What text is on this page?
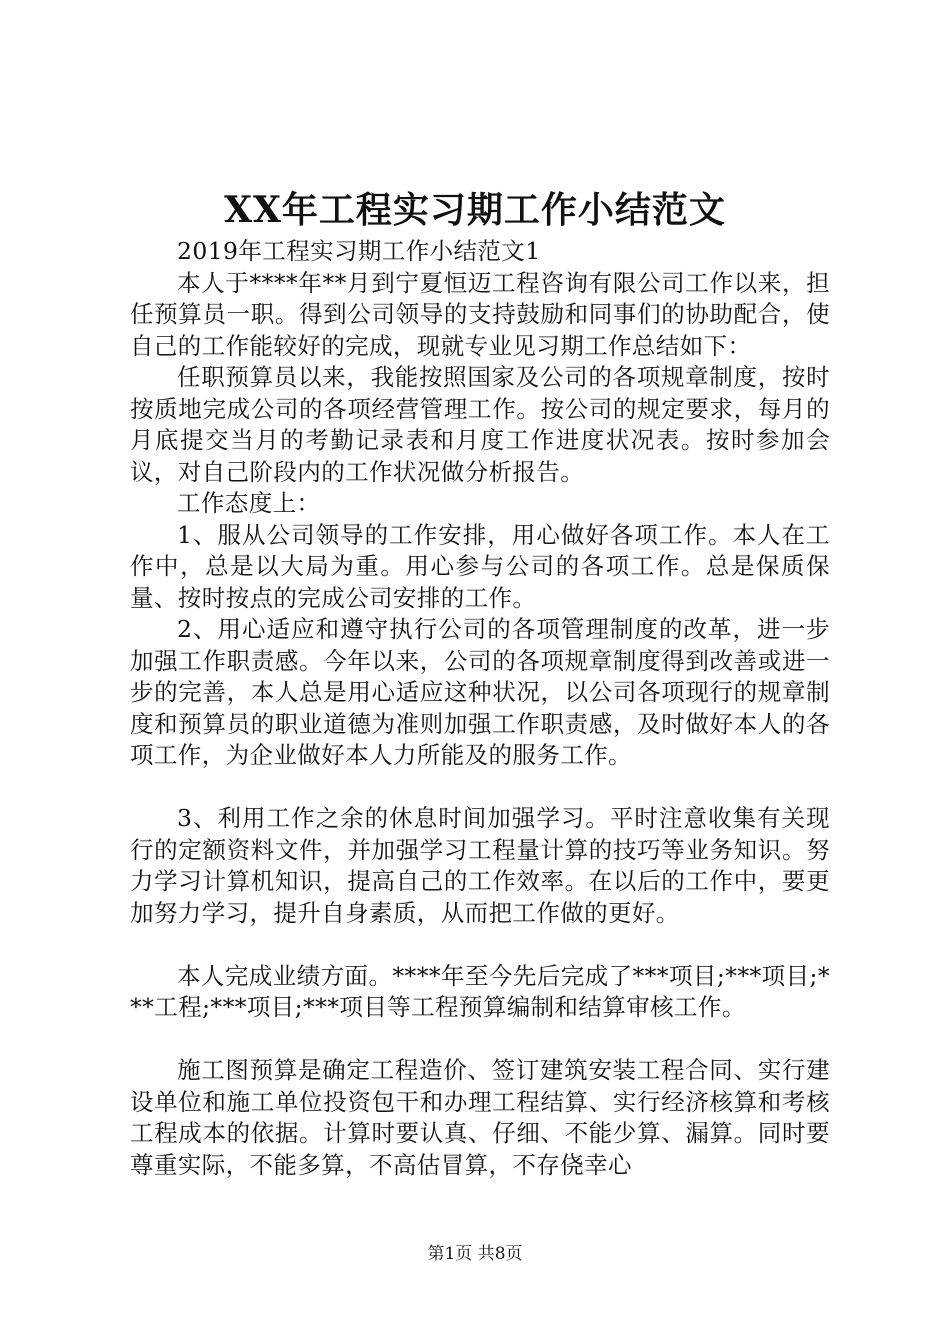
XX年工程实习期工作小结范文

2019年工程实习期工作小结范文1

本人于****年**月到宁夏恒迈工程咨询有限公司工作以来，担任预算员一职。得到公司领导的支持鼓励和同事们的协助配合，使自己的工作能较好的完成，现就专业见习期工作总结如下：

任职预算员以来，我能按照国家及公司的各项规章制度，按时按质地完成公司的各项经营管理工作。按公司的规定要求，每月的月底提交当月的考勤记录表和月度工作进度状况表。按时参加会议，对自己阶段内的工作状况做分析报告。

工作态度上：

1、服从公司领导的工作安排，用心做好各项工作。本人在工作中，总是以大局为重。用心参与公司的各项工作。总是保质保量、按时按点的完成公司安排的工作。

2、用心适应和遵守执行公司的各项管理制度的改革，进一步加强工作职责感。今年以来，公司的各项规章制度得到改善或进一步的完善，本人总是用心适应这种状况，以公司各项现行的规章制度和预算员的职业道德为准则加强工作职责感，及时做好本人的各项工作，为企业做好本人力所能及的服务工作。

3、利用工作之余的休息时间加强学习。平时注意收集有关现行的定额资料文件，并加强学习工程量计算的技巧等业务知识。努力学习计算机知识，提高自己的工作效率。在以后的工作中，要更加努力学习，提升自身素质，从而把工作做的更好。

本人完成业绩方面。****年至今先后完成了***项目;***项目;***工程;***项目;***项目等工程预算编制和结算审核工作。

施工图预算是确定工程造价、签订建筑安装工程合同、实行建设单位和施工单位投资包干和办理工程结算、实行经济核算和考核工程成本的依据。计算时要认真、仔细、不能少算、漏算。同时要尊重实际，不能多算，不高估冒算，不存侥幸心

第1页 共8页
